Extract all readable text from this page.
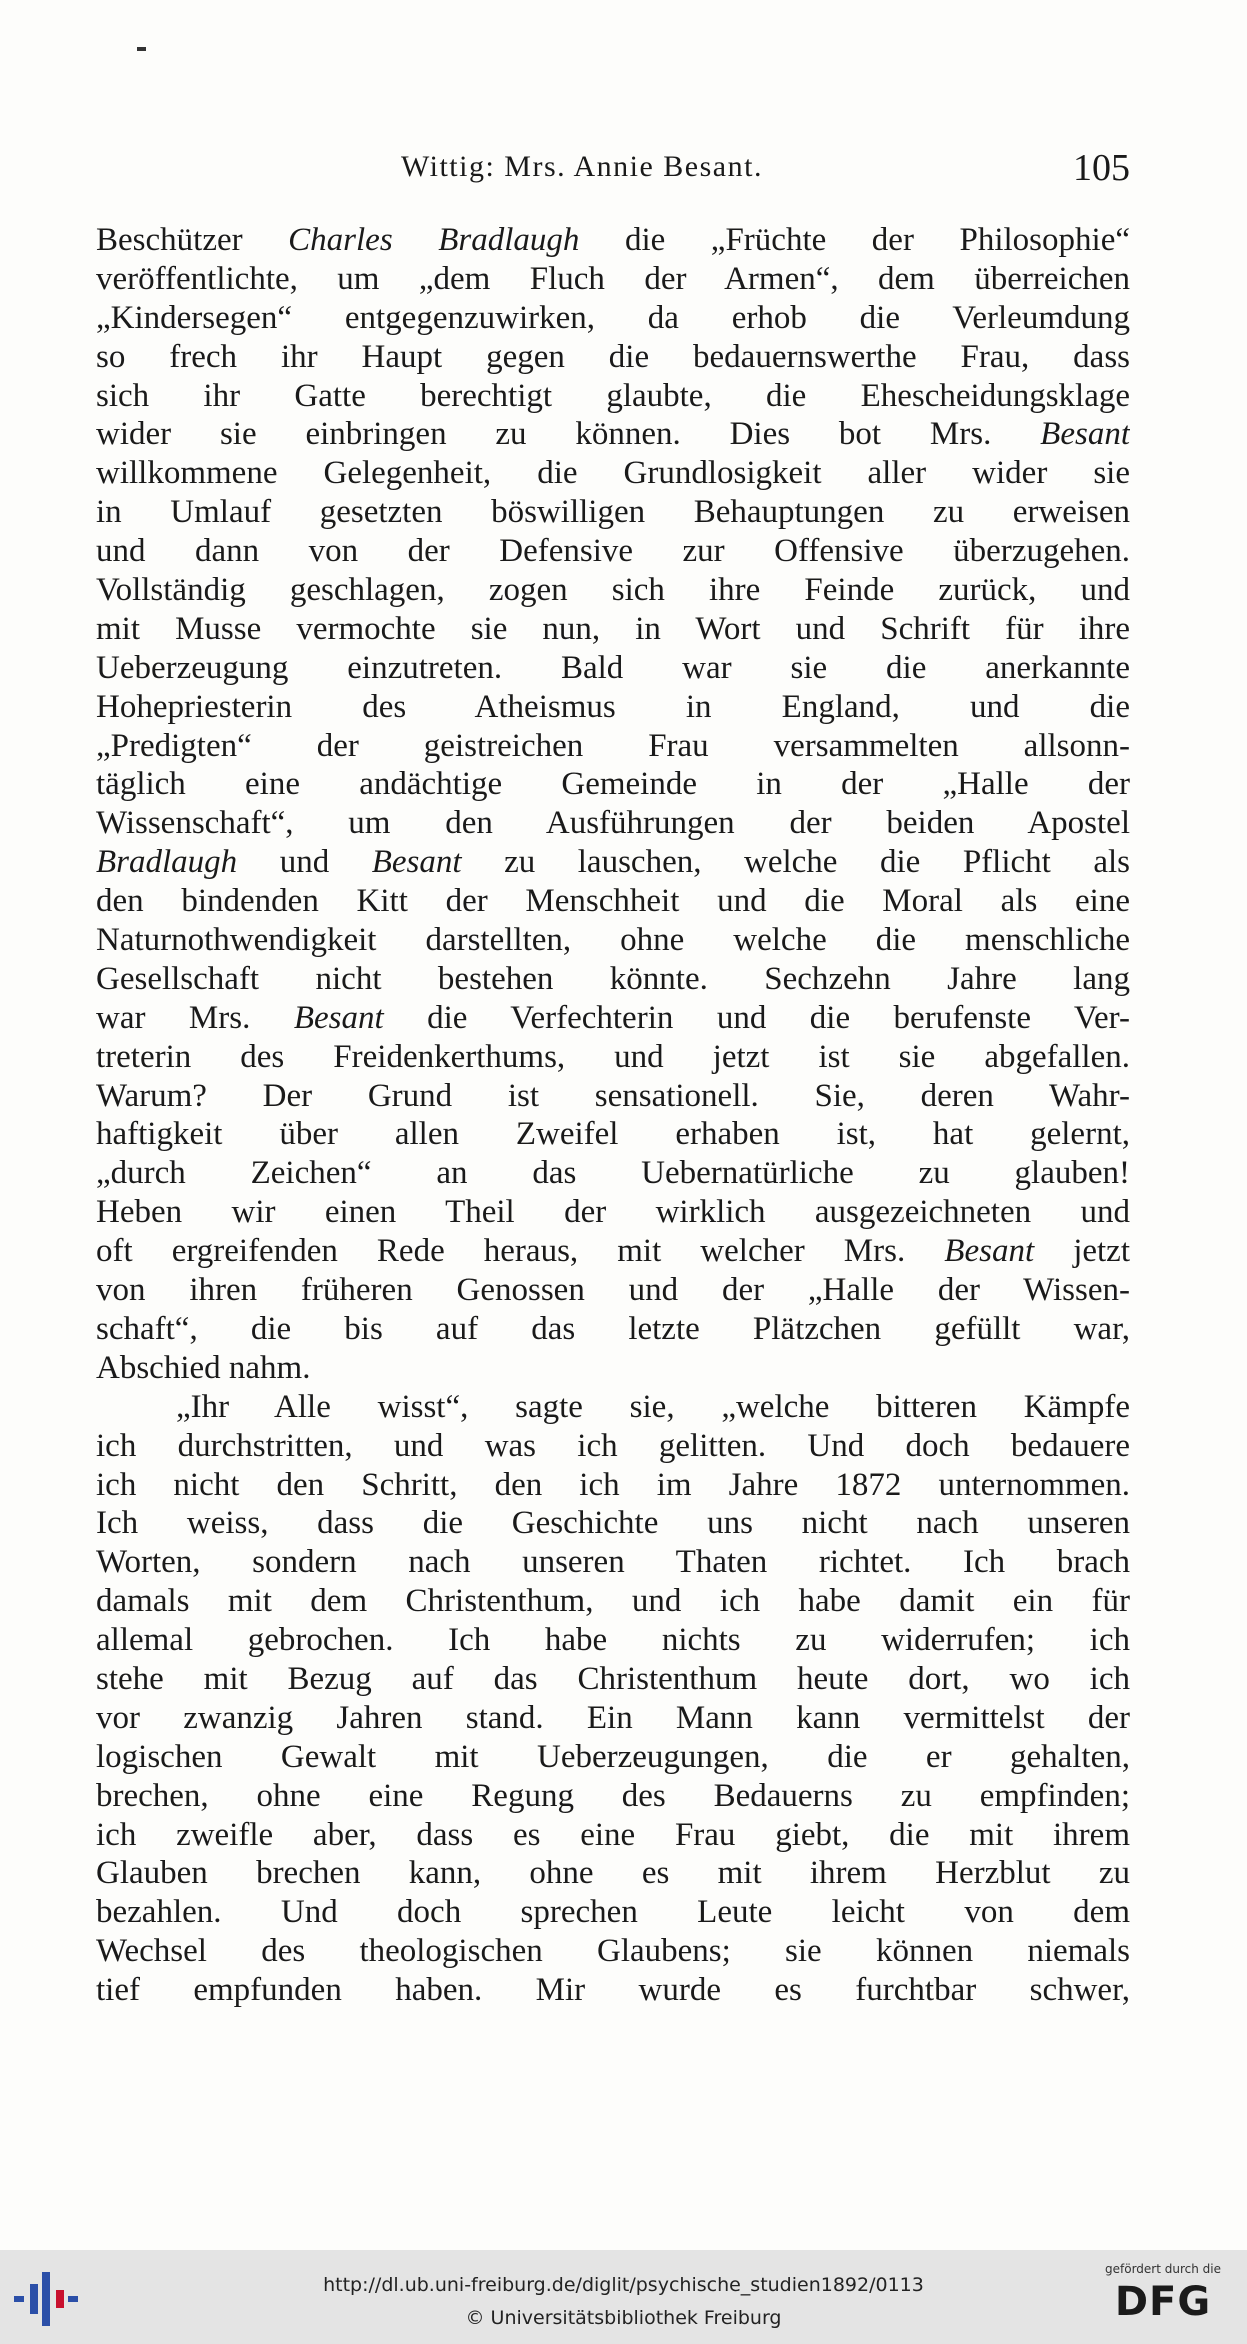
Wittig: Mrs. Annie Besant.	105
Beschützer Charles Bradlaugh die „Früchte der Philosophie“
veröffentlichte, um „dem Fluch der Armen“, dem überreichen
„Kindersegen“ entgegenzuwirken, da erhob die Verleumdung
so frech ihr Haupt gegen die bedauernswerthe Frau, dass
sich ihr Gatte berechtigt glaubte, die Ehescheidungsklage
wider sie einbringen zu können. Dies bot Mrs. Besant
willkommene Gelegenheit, die Grundlosigkeit aller wider sie
in Umlauf gesetzten böswilligen Behauptungen zu erweisen
und dann von der Defensive zur Offensive überzugehen.
Vollständig geschlagen, zogen sich ihre Feinde zurück, und
mit Musse vermochte sie nun, in Wort und Schrift für ihre
Ueberzeugung einzutreten. Bald war sie die anerkannte
Hohepriesterin des Atheismus in England, und die
„Predigten“ der geistreichen Frau versammelten allsonn-
täglich eine andächtige Gemeinde in der „Halle der
Wissenschaft“, um den Ausführungen der beiden Apostel
Bradlaugh und Besant zu lauschen, welche die Pflicht als
den bindenden Kitt der Menschheit und die Moral als eine
Naturnothwendigkeit darstellten, ohne welche die menschliche
Gesellschaft nicht bestehen könnte. Sechzehn Jahre lang
war Mrs. Besant die Verfechterin und die berufenste Ver-
treterin des Freidenkerthums, und jetzt ist sie abgefallen.
Warum? Der Grund ist sensationell. Sie, deren Wahr-
haftigkeit über allen Zweifel erhaben ist, hat gelernt,
„durch Zeichen“ an das Uebernatürliche zu glauben!
Heben wir einen Theil der wirklich ausgezeichneten und
oft ergreifenden Rede heraus, mit welcher Mrs. Besant jetzt
von ihren früheren Genossen und der „Halle der Wissen-
schaft“, die bis auf das letzte Plätzchen gefüllt war,
Abschied nahm.
„Ihr Alle wisst“, sagte sie, „welche bitteren Kämpfe
ich durchstritten, und was ich gelitten. Und doch bedauere
ich nicht den Schritt, den ich im Jahre 1872 unternommen.
Ich weiss, dass die Geschichte uns nicht nach unseren
Worten, sondern nach unseren Thaten richtet. Ich brach
damals mit dem Christenthum, und ich habe damit ein für
allemal gebrochen. Ich habe nichts zu widerrufen; ich
stehe mit Bezug auf das Christenthum heute dort, wo ich
vor zwanzig Jahren stand. Ein Mann kann vermittelst der
logischen Gewalt mit Ueberzeugungen, die er gehalten,
brechen, ohne eine Regung des Bedauerns zu empfinden;
ich zweifle aber, dass es eine Frau giebt, die mit ihrem
Glauben brechen kann, ohne es mit ihrem Herzblut zu
bezahlen. Und doch sprechen Leute leicht von dem
Wechsel des theologischen Glaubens; sie können niemals
tief empfunden haben. Mir wurde es furchtbar schwer,
http://dl.ub.uni-freiburg.de/diglit/psychische_studien1892/0113
© Universitätsbibliothek Freiburg
gefördert durch die
DFG
